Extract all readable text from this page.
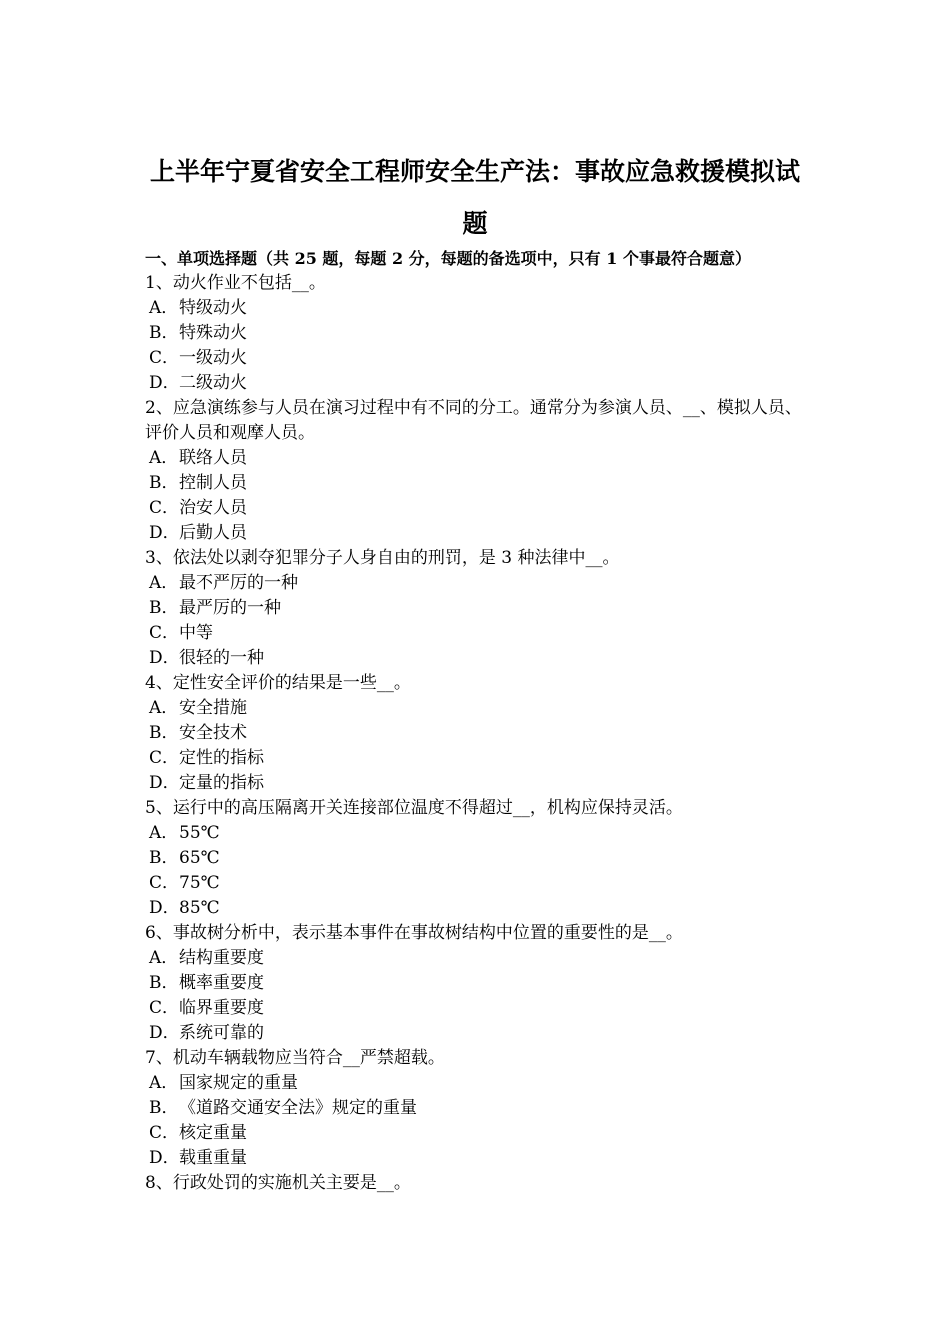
上半年宁夏省安全工程师安全生产法：事故应急救援模拟试题
一、单项选择题（共 25 题，每题 2 分，每题的备选项中，只有 1 个事最符合题意）

1、动火作业不包括__。

A．特级动火

B．特殊动火

C．一级动火

D．二级动火

2、应急演练参与人员在演习过程中有不同的分工。通常分为参演人员、__、模拟人员、评价人员和观摩人员。

A．联络人员

B．控制人员

C．治安人员

D．后勤人员

3、依法处以剥夺犯罪分子人身自由的刑罚，是 3 种法律中__。

A．最不严厉的一种

B．最严厉的一种

C．中等

D．很轻的一种

4、定性安全评价的结果是一些__。

A．安全措施

B．安全技术

C．定性的指标

D．定量的指标

5、运行中的高压隔离开关连接部位温度不得超过__，机构应保持灵活。

A．55℃

B．65℃

C．75℃

D．85℃

6、事故树分析中，表示基本事件在事故树结构中位置的重要性的是__。

A．结构重要度

B．概率重要度

C．临界重要度

D．系统可靠的

7、机动车辆载物应当符合__严禁超载。

A．国家规定的重量

B．《道路交通安全法》规定的重量

C．核定重量

D．载重重量

8、行政处罚的实施机关主要是__。
